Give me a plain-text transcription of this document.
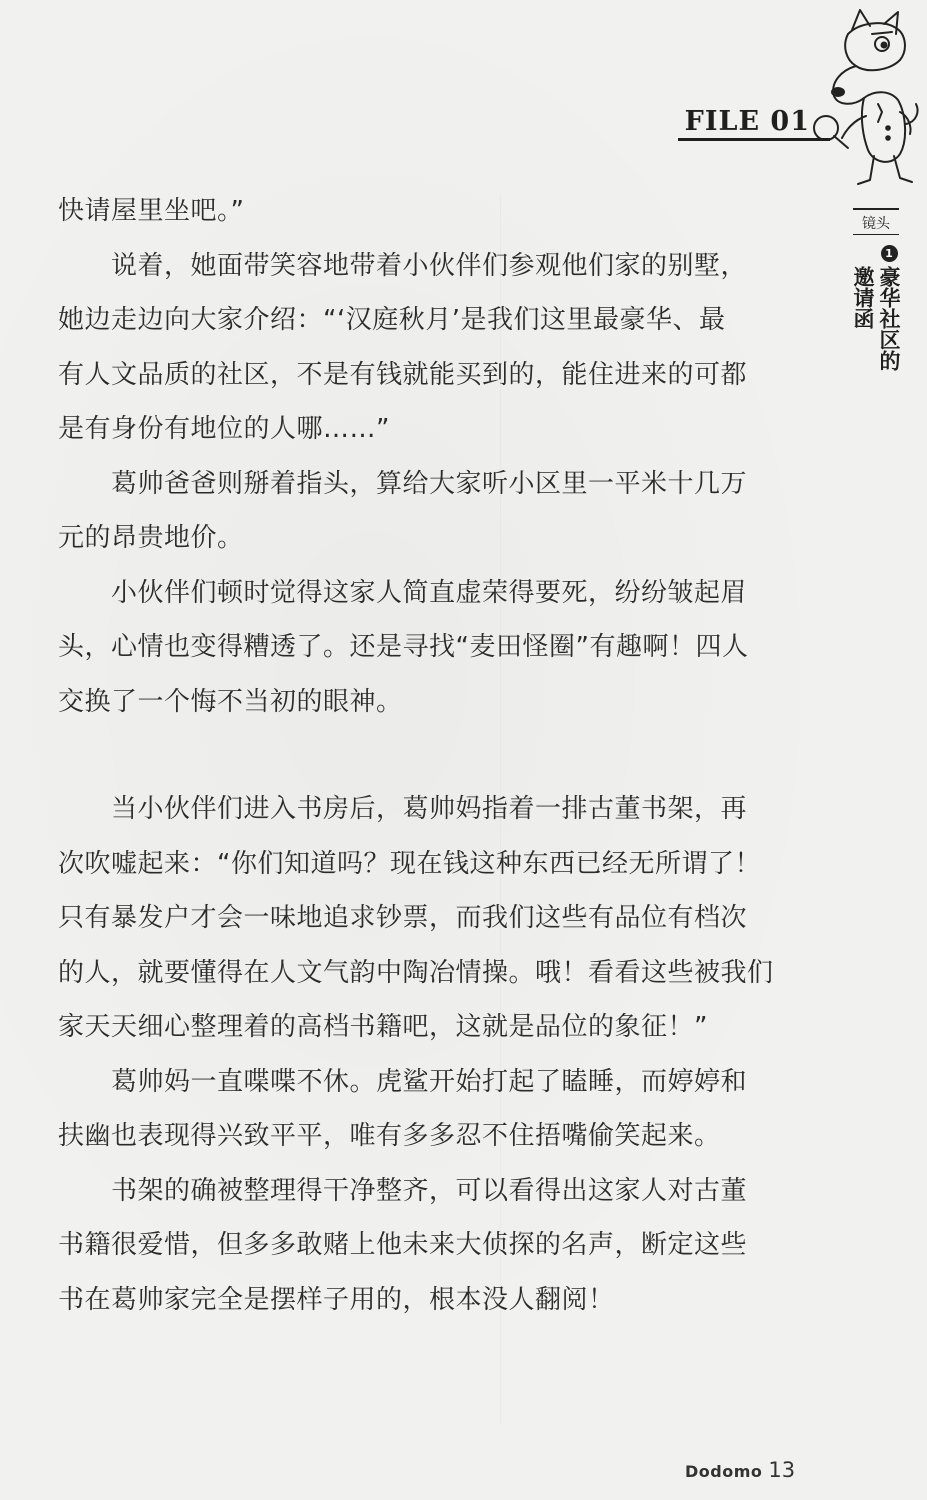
FILE 01
镜头
1
豪华社区的
邀请函
快请屋里坐吧。”
　　说着，她面带笑容地带着小伙伴们参观他们家的别墅，
她边走边向大家介绍：“‘汉庭秋月’是我们这里最豪华、最
有人文品质的社区，不是有钱就能买到的，能住进来的可都
是有身份有地位的人哪……”
　　葛帅爸爸则掰着指头，算给大家听小区里一平米十几万
元的昂贵地价。
　　小伙伴们顿时觉得这家人简直虚荣得要死，纷纷皱起眉
头，心情也变得糟透了。还是寻找“麦田怪圈”有趣啊！四人
交换了一个悔不当初的眼神。
　　当小伙伴们进入书房后，葛帅妈指着一排古董书架，再
次吹嘘起来：“你们知道吗？现在钱这种东西已经无所谓了！
只有暴发户才会一味地追求钞票，而我们这些有品位有档次
的人，就要懂得在人文气韵中陶冶情操。哦！看看这些被我们
家天天细心整理着的高档书籍吧，这就是品位的象征！”
　　葛帅妈一直喋喋不休。虎鲨开始打起了瞌睡，而婷婷和
扶幽也表现得兴致平平，唯有多多忍不住捂嘴偷笑起来。
　　书架的确被整理得干净整齐，可以看得出这家人对古董
书籍很爱惜，但多多敢赌上他未来大侦探的名声，断定这些
书在葛帅家完全是摆样子用的，根本没人翻阅！
Dodomo 13
